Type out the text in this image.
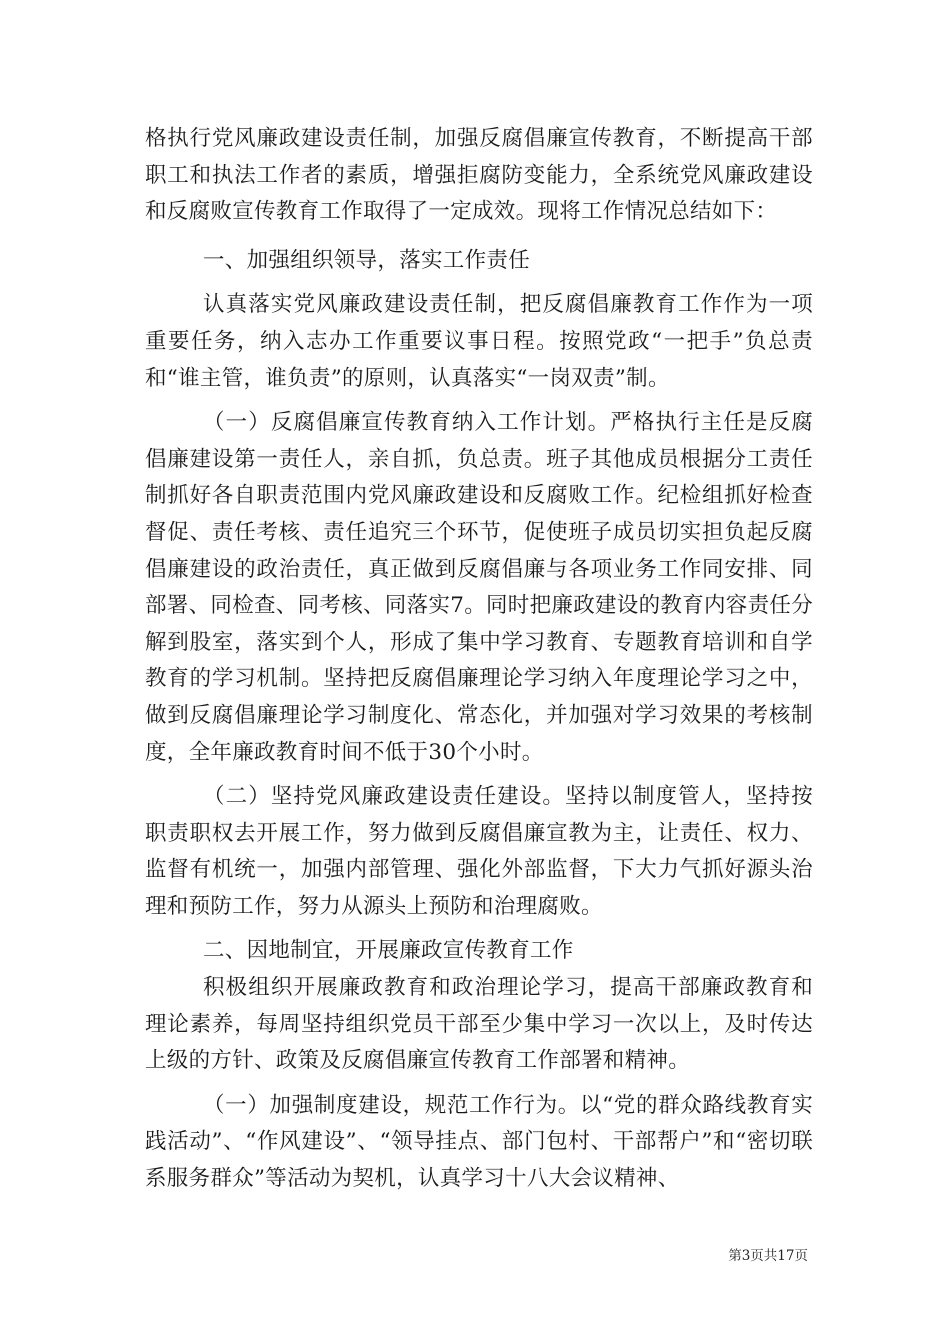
格执行党风廉政建设责任制，加强反腐倡廉宣传教育，不断提高干部职工和执法工作者的素质，增强拒腐防变能力，全系统党风廉政建设和反腐败宣传教育工作取得了一定成效。现将工作情况总结如下：

一、加强组织领导，落实工作责任

认真落实党风廉政建设责任制，把反腐倡廉教育工作作为一项重要任务，纳入志办工作重要议事日程。按照党政“一把手”负总责和“谁主管，谁负责”的原则，认真落实“一岗双责”制。

（一）反腐倡廉宣传教育纳入工作计划。严格执行主任是反腐倡廉建设第一责任人，亲自抓，负总责。班子其他成员根据分工责任制抓好各自职责范围内党风廉政建设和反腐败工作。纪检组抓好检查督促、责任考核、责任追究三个环节，促使班子成员切实担负起反腐倡廉建设的政治责任，真正做到反腐倡廉与各项业务工作同安排、同部署、同检查、同考核、同落实7。同时把廉政建设的教育内容责任分解到股室，落实到个人，形成了集中学习教育、专题教育培训和自学教育的学习机制。坚持把反腐倡廉理论学习纳入年度理论学习之中，做到反腐倡廉理论学习制度化、常态化，并加强对学习效果的考核制度，全年廉政教育时间不低于30个小时。

（二）坚持党风廉政建设责任建设。坚持以制度管人，坚持按职责职权去开展工作，努力做到反腐倡廉宣教为主，让责任、权力、监督有机统一，加强内部管理、强化外部监督，下大力气抓好源头治理和预防工作，努力从源头上预防和治理腐败。

二、因地制宜，开展廉政宣传教育工作

积极组织开展廉政教育和政治理论学习，提高干部廉政教育和理论素养，每周坚持组织党员干部至少集中学习一次以上，及时传达上级的方针、政策及反腐倡廉宣传教育工作部署和精神。

（一）加强制度建设，规范工作行为。以“党的群众路线教育实践活动”、“作风建设”、“领导挂点、部门包村、干部帮户”和“密切联系服务群众”等活动为契机，认真学习十八大会议精神、

第3页共17页
